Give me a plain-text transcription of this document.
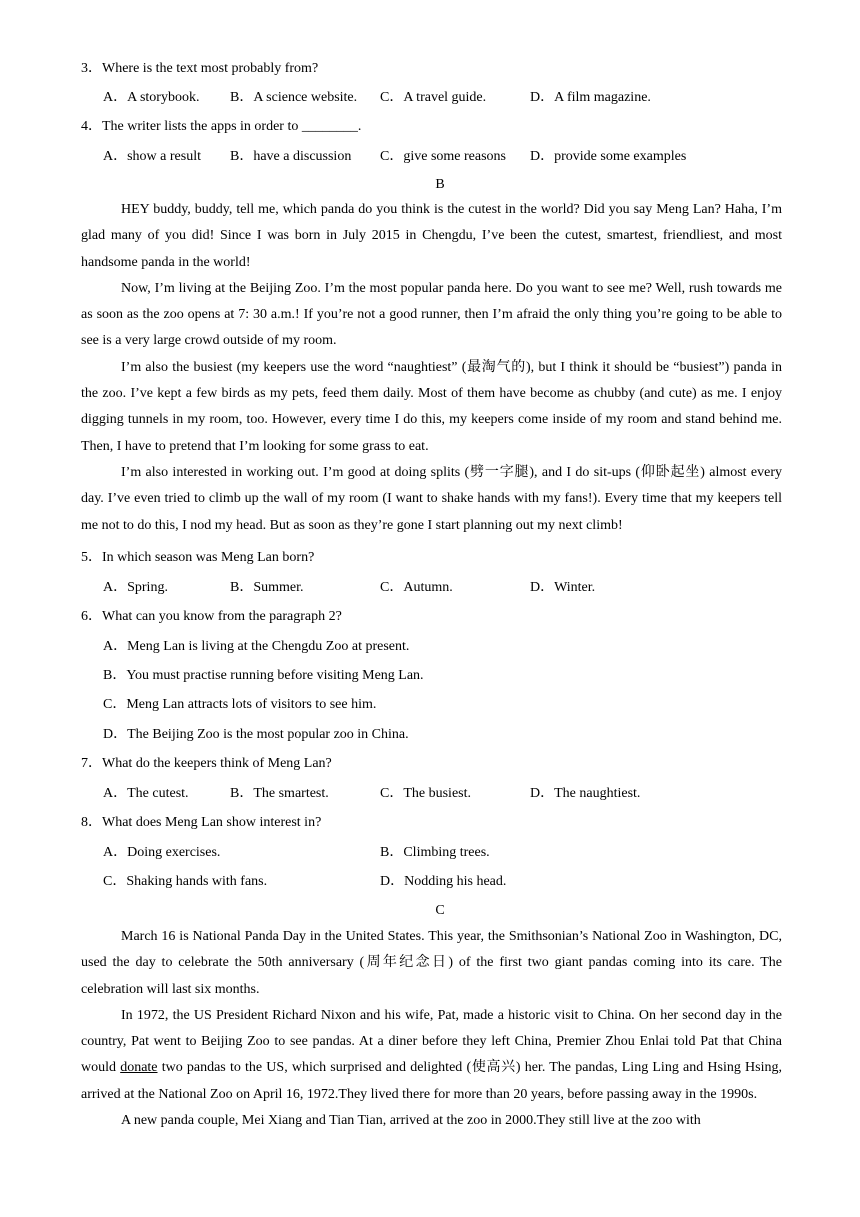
3．Where is the text most probably from?
A．A storybook. B．A science website. C．A travel guide.	D．A film magazine.
4．The writer lists the apps in order to ________.
A．show a result B．have a discussion C．give some reasons D．provide some examples
B

HEY buddy, buddy, tell me, which panda do you think is the cutest in the world? Did you say Meng Lan? Haha, I’m glad many of you did! Since I was born in July 2015 in Chengdu, I’ve been the cutest, smartest, friendliest, and most handsome panda in the world!

Now, I’m living at the Beijing Zoo. I’m the most popular panda here. Do you want to see me? Well, rush towards me as soon as the zoo opens at 7: 30 a.m.! If you’re not a good runner, then I’m afraid the only thing you’re going to be able to see is a very large crowd outside of my room.

I’m also the busiest (my keepers use the word “naughtiest” (最淘气的), but I think it should be “busiest”) panda in the zoo. I’ve kept a few birds as my pets, feed them daily. Most of them have become as chubby (and cute) as me. I enjoy digging tunnels in my room, too. However, every time I do this, my keepers come inside of my room and stand behind me. Then, I have to pretend that I’m looking for some grass to eat.

I’m also interested in working out. I’m good at doing splits (劈一字腿), and I do sit-ups (仰卧起坐) almost every day. I’ve even tried to climb up the wall of my room (I want to shake hands with my fans!). Every time that my keepers tell me not to do this, I nod my head. But as soon as they’re gone I start planning out my next climb!

5．In which season was Meng Lan born?
A．Spring.	B．Summer.	C．Autumn.	D．Winter.
6．What can you know from the paragraph 2?
A．Meng Lan is living at the Chengdu Zoo at present.
B．You must practise running before visiting Meng Lan.
C．Meng Lan attracts lots of visitors to see him.
D．The Beijing Zoo is the most popular zoo in China.
7．What do the keepers think of Meng Lan?
A．The cutest.	B．The smartest.	C．The busiest.	D．The naughtiest.
8．What does Meng Lan show interest in?
A．Doing exercises.	B．Climbing trees.
C．Shaking hands with fans.	D．Nodding his head.
C

March 16 is National Panda Day in the United States. This year, the Smithsonian’s National Zoo in Washington, DC, used the day to celebrate the 50th anniversary (周年纪念日) of the first two giant pandas coming into its care. The celebration will last six months.

In 1972, the US President Richard Nixon and his wife, Pat, made a historic visit to China. On her second day in the country, Pat went to Beijing Zoo to see pandas. At a diner before they left China, Premier Zhou Enlai told Pat that China would donate two pandas to the US, which surprised and delighted (使高兴) her. The pandas, Ling Ling and Hsing Hsing, arrived at the National Zoo on April 16, 1972.They lived there for more than 20 years, before passing away in the 1990s.

A new panda couple, Mei Xiang and Tian Tian, arrived at the zoo in 2000.They still live at the zoo with
